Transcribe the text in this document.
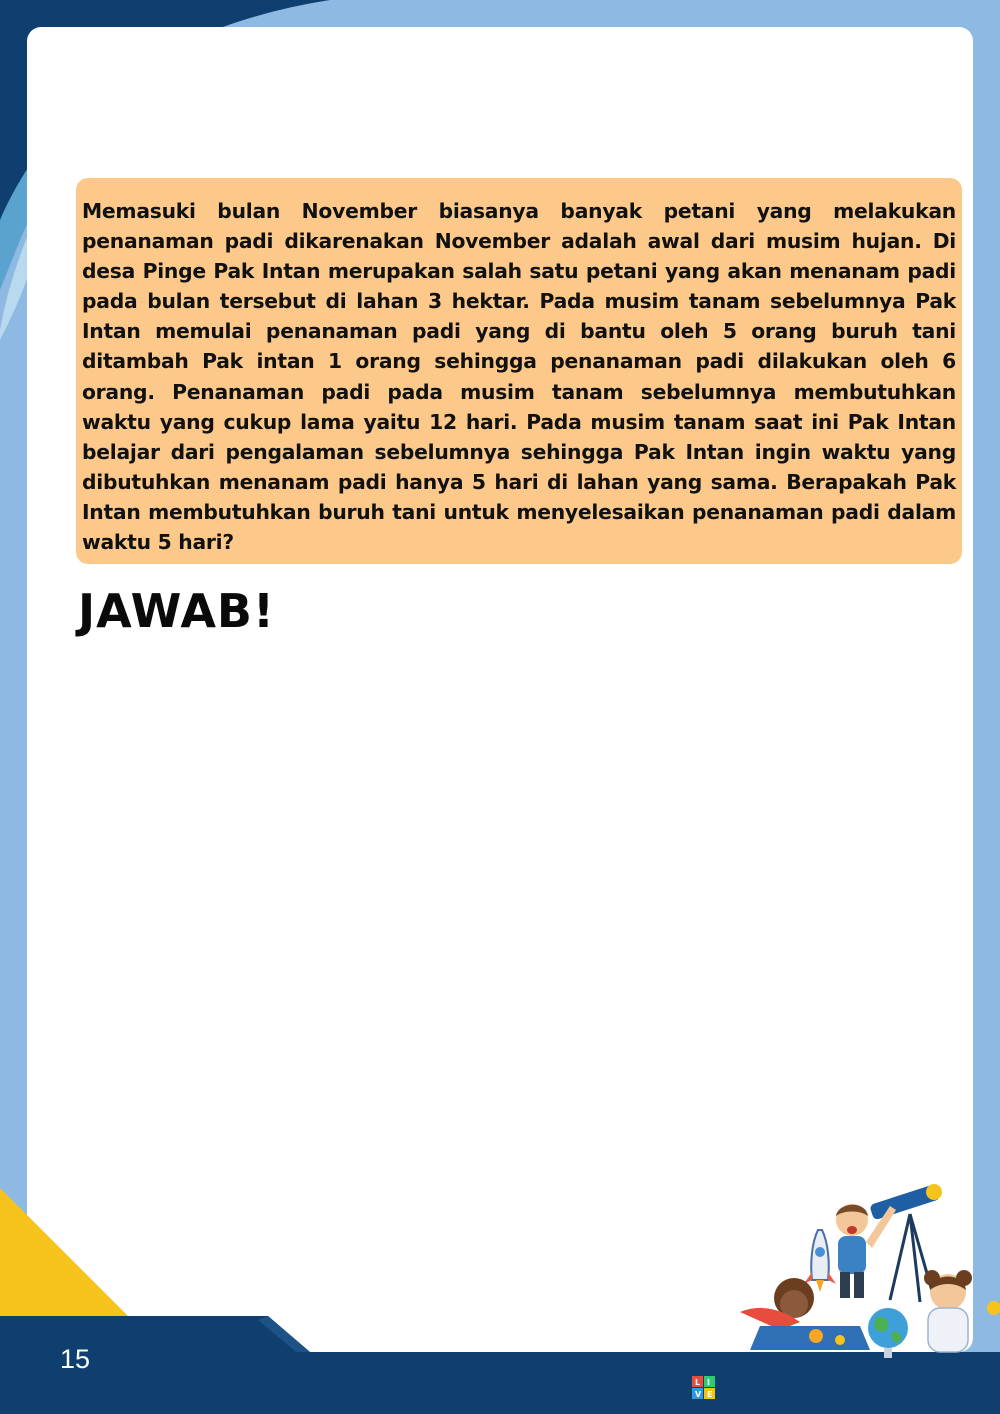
Memasuki bulan November biasanya banyak petani yang melakukan penanaman padi dikarenakan November adalah awal dari musim hujan. Di desa Pinge Pak Intan merupakan salah satu petani yang akan menanam padi pada bulan tersebut di lahan 3 hektar. Pada musim tanam sebelumnya Pak Intan memulai penanaman padi yang di bantu oleh 5 orang buruh tani ditambah Pak intan 1 orang sehingga penanaman padi dilakukan oleh 6 orang. Penanaman padi pada musim tanam sebelumnya membutuhkan waktu yang cukup lama yaitu 12 hari. Pada musim tanam saat ini Pak Intan belajar dari pengalaman sebelumnya sehingga Pak Intan ingin waktu yang dibutuhkan menanam padi hanya 5 hari di lahan yang sama. Berapakah Pak Intan membutuhkan buruh tani untuk menyelesaikan penanaman padi dalam waktu 5 hari?

JAWAB!
15
L I
V E WORKSHEETS
